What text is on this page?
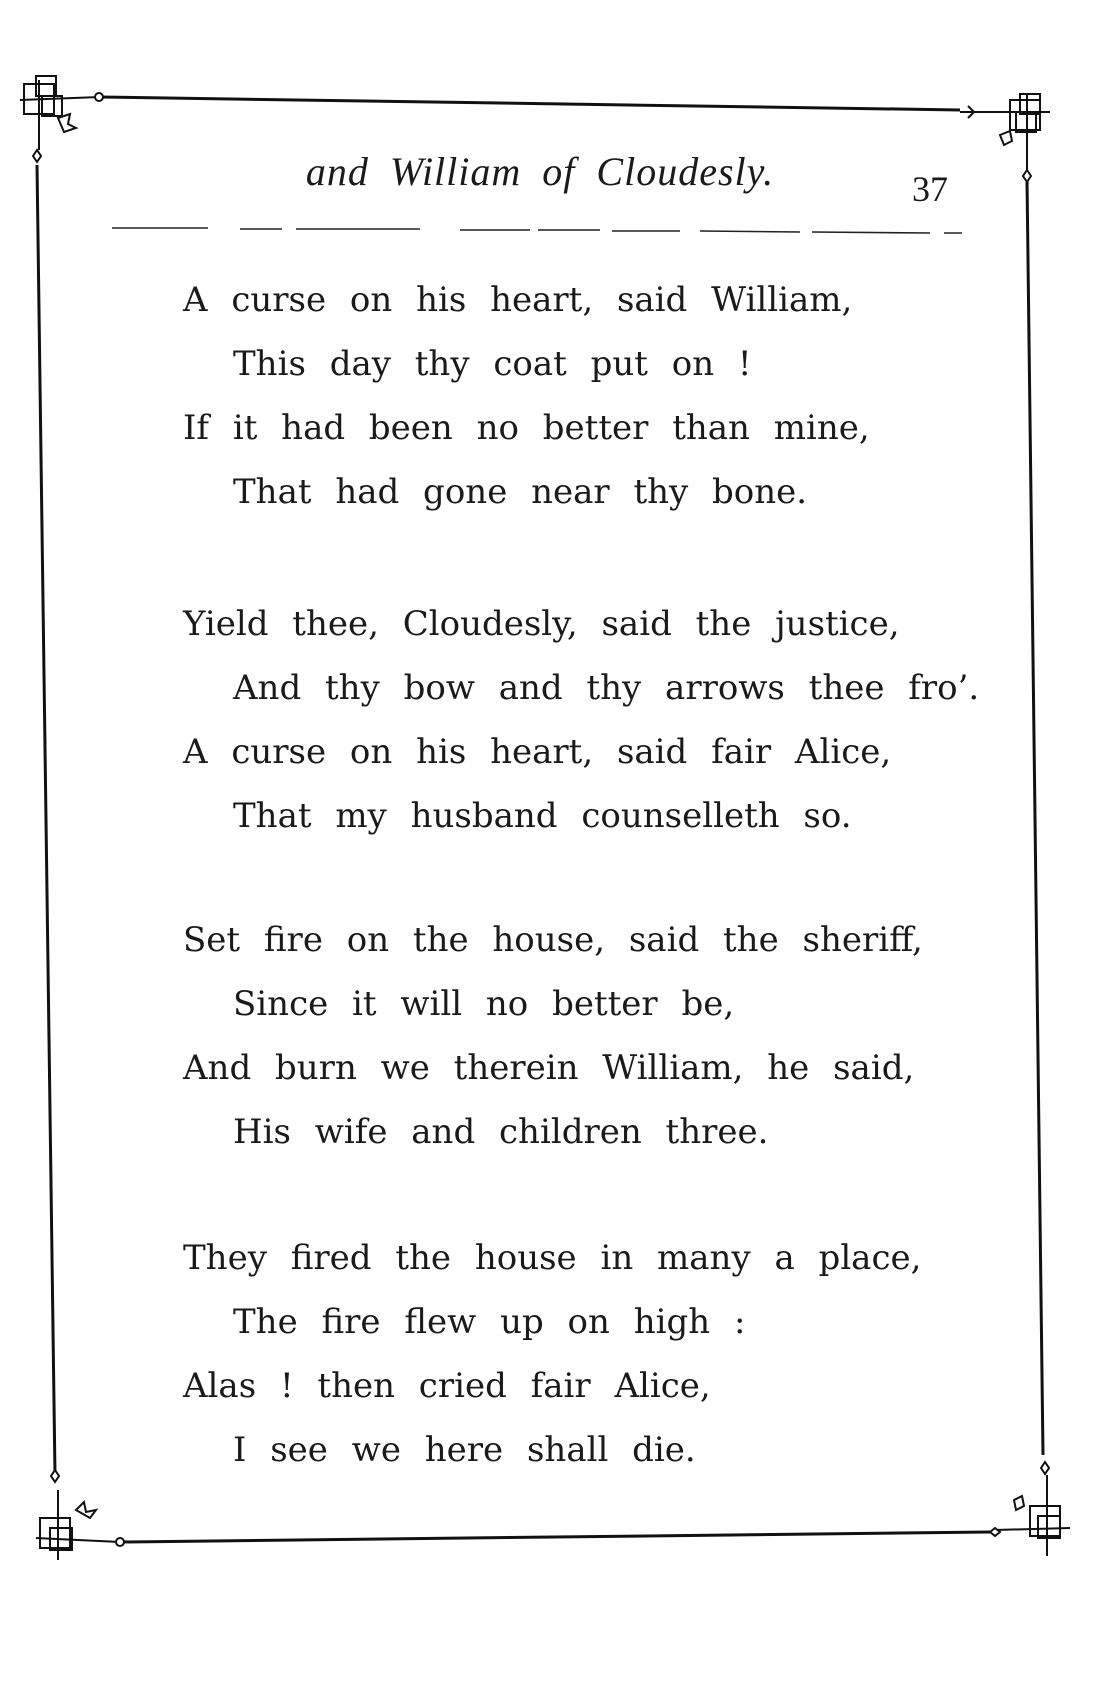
and William of Cloudesly.	37
A curse on his heart, said William,
This day thy coat put on !
If it had been no better than mine,
That had gone near thy bone.
Yield thee, Cloudesly, said the justice,
And thy bow and thy arrows thee fro’.
A curse on his heart, said fair Alice,
That my husband counselleth so.
Set fire on the house, said the sheriff,
Since it will no better be,
And burn we therein William, he said,
His wife and children three.
They fired the house in many a place,
The fire flew up on high :
Alas ! then cried fair Alice,
I see we here shall die.
